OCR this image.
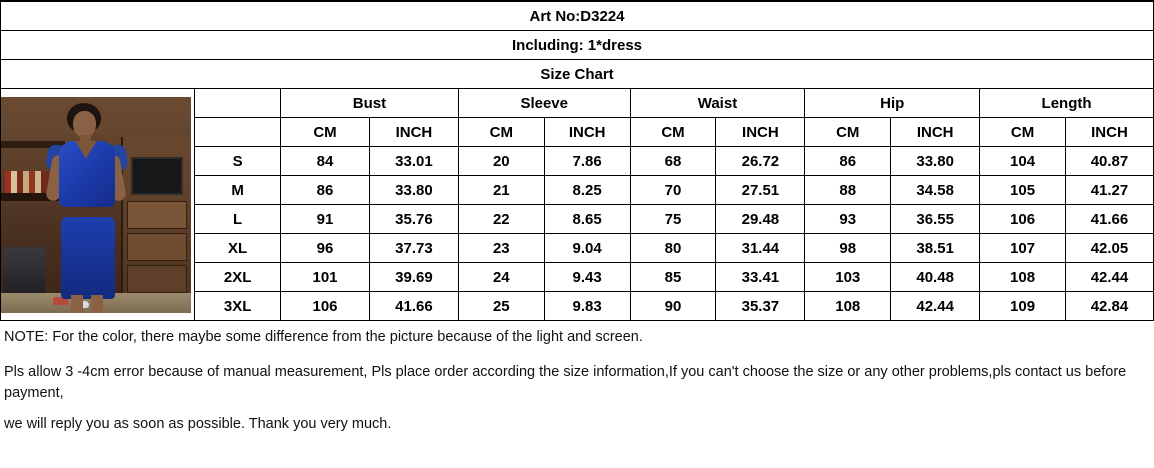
Art No:D3224											
Including: 1*dress											
Size Chart											

		Bust		Sleeve		Waist		Hip		Length	
		CM	INCH	CM	INCH	CM	INCH	CM	INCH	CM	INCH
	S	84	33.01	20	7.86	68	26.72	86	33.80	104	40.87
	M	86	33.80	21	8.25	70	27.51	88	34.58	105	41.27
	L	91	35.76	22	8.65	75	29.48	93	36.55	106	41.66
	XL	96	37.73	23	9.04	80	31.44	98	38.51	107	42.05
	2XL	101	39.69	24	9.43	85	33.41	103	40.48	108	42.44
	3XL	106	41.66	25	9.83	90	35.37	108	42.44	109	42.84

NOTE: For the color, there maybe some difference from the picture because of the light and screen.

Pls allow 3 -4cm error because of manual measurement, Pls place order according the size information,If you can't choose the size or any other problems,pls contact us before payment,

we will reply you as soon as possible. Thank you very much.
